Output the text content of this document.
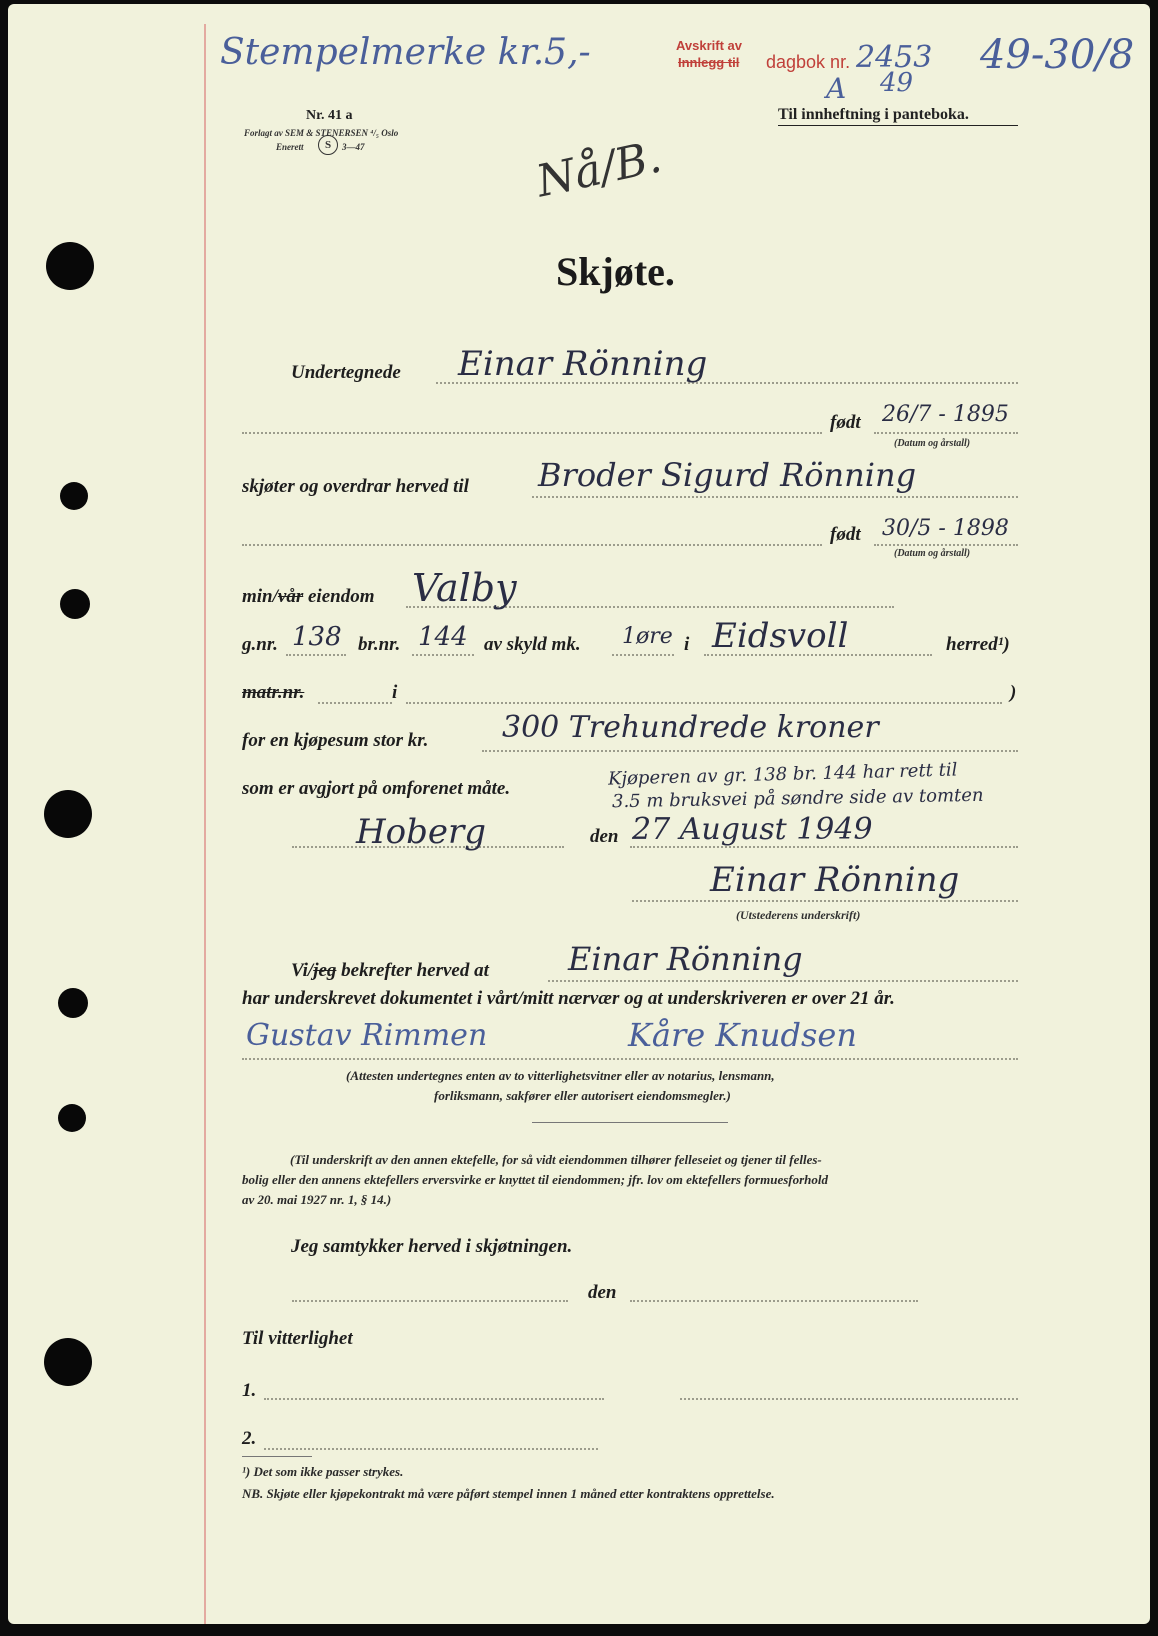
Stempelmerke kr.5,-	Avskrift av
Innlegg til dagbok nr. 2453 49-30/8
A 49
Til innheftning i panteboka.
Nr. 41 a
Forlagt av SEM & STENERSEN ⁴/₅ Oslo
Enerett	S	3—47	Nå/B.
Skjøte.
Undertegnede Einar Rönning
født 26/7 - 1895
(Datum og årstall)
skjøter og overdrar herved til Broder Sigurd Rönning
født 30/5 - 1898
(Datum og årstall)
min/vår eiendom Valby
g.nr. 138 br.nr. 144 av skyld mk. 1øre i Eidsvoll	herred¹)
matr.nr.	i	)
for en kjøpesum stor kr. 300 Trehundrede kroner
som er avgjort på omforenet måte.	Kjøperen av gr. 138 br. 144 har rett til
3.5 m bruksvei på søndre side av tomten
Hoberg	den 27 August 1949
Einar Rönning
(Utstederens underskrift)
Vi/jeg bekrefter herved at Einar Rönning
har underskrevet dokumentet i vårt/mitt nærvær og at underskriveren er over 21 år.
Gustav Rimmen	Kåre Knudsen
(Attesten undertegnes enten av to vitterlighetsvitner eller av notarius, lensmann,
forliksmann, sakfører eller autorisert eiendomsmegler.)
(Til underskrift av den annen ektefelle, for så vidt eiendommen tilhører felleseiet og tjener til felles-
bolig eller den annens ektefellers erversvirke er knyttet til eiendommen; jfr. lov om ektefellers formuesforhold
av 20. mai 1927 nr. 1, § 14.)
Jeg samtykker herved i skjøtningen.
den
Til vitterlighet
1.
2.
¹) Det som ikke passer strykes.
NB. Skjøte eller kjøpekontrakt må være påført stempel innen 1 måned etter kontraktens opprettelse.
